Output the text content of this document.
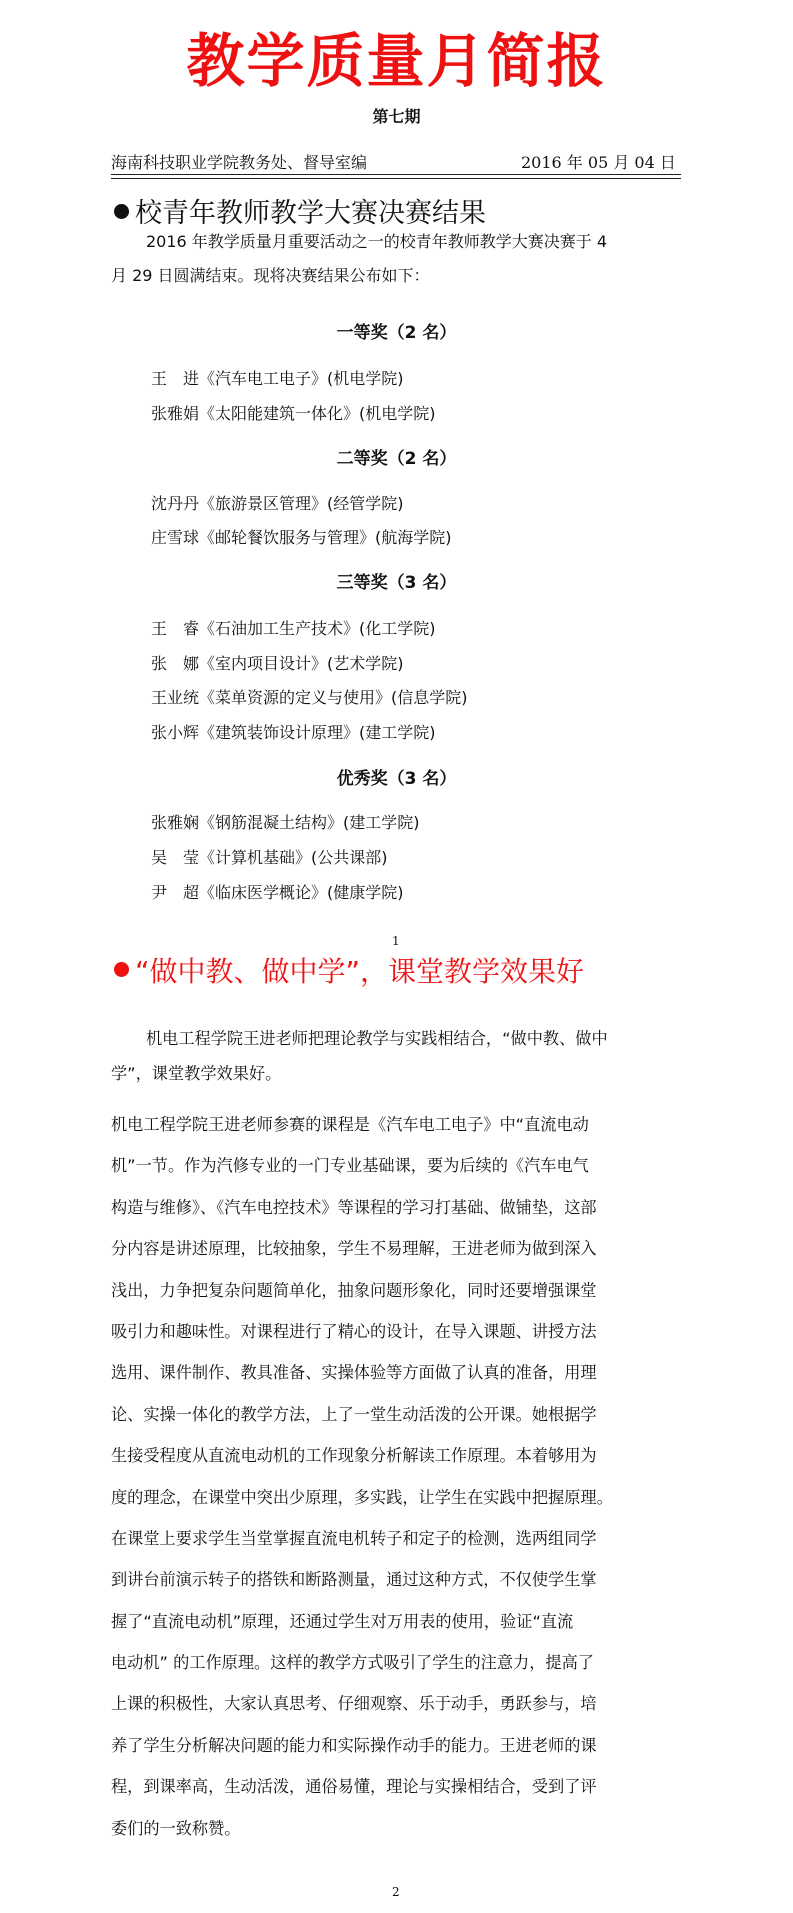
教学质量月简报
第七期
海南科技职业学院教务处、督导室编	2016 年 05 月 04 日
校青年教师教学大赛决赛结果
2016 年教学质量月重要活动之一的校青年教师教学大赛决赛于 4
月 29 日圆满结束。现将决赛结果公布如下：
一等奖（2 名）
王　进《汽车电工电子》(机电学院)
张雅娟《太阳能建筑一体化》(机电学院)
二等奖（2 名）
沈丹丹《旅游景区管理》(经管学院)
庄雪球《邮轮餐饮服务与管理》(航海学院)
三等奖（3 名）
王　睿《石油加工生产技术》(化工学院)
张　娜《室内项目设计》(艺术学院)
王业统《菜单资源的定义与使用》(信息学院)
张小辉《建筑装饰设计原理》(建工学院)
优秀奖（3 名）
张雅娴《钢筋混凝土结构》(建工学院)
吴　莹《计算机基础》(公共课部)
尹　超《临床医学概论》(健康学院)
1
“做中教、做中学”，课堂教学效果好
机电工程学院王进老师把理论教学与实践相结合，“做中教、做中
学”，课堂教学效果好。
机电工程学院王进老师参赛的课程是《汽车电工电子》中“直流电动
机”一节。作为汽修专业的一门专业基础课，要为后续的《汽车电气
构造与维修》、《汽车电控技术》等课程的学习打基础、做铺垫，这部
分内容是讲述原理，比较抽象，学生不易理解，王进老师为做到深入
浅出，力争把复杂问题简单化，抽象问题形象化，同时还要增强课堂
吸引力和趣味性。对课程进行了精心的设计，在导入课题、讲授方法
选用、课件制作、教具准备、实操体验等方面做了认真的准备，用理
论、实操一体化的教学方法，上了一堂生动活泼的公开课。她根据学
生接受程度从直流电动机的工作现象分析解读工作原理。本着够用为
度的理念，在课堂中突出少原理，多实践，让学生在实践中把握原理。
在课堂上要求学生当堂掌握直流电机转子和定子的检测，选两组同学
到讲台前演示转子的搭铁和断路测量，通过这种方式，不仅使学生掌
握了“直流电动机”原理，还通过学生对万用表的使用，验证“直流
电动机” 的工作原理。这样的教学方式吸引了学生的注意力，提高了
上课的积极性，大家认真思考、仔细观察、乐于动手，勇跃参与，培
养了学生分析解决问题的能力和实际操作动手的能力。王进老师的课
程，到课率高，生动活泼，通俗易懂，理论与实操相结合，受到了评
委们的一致称赞。
2
